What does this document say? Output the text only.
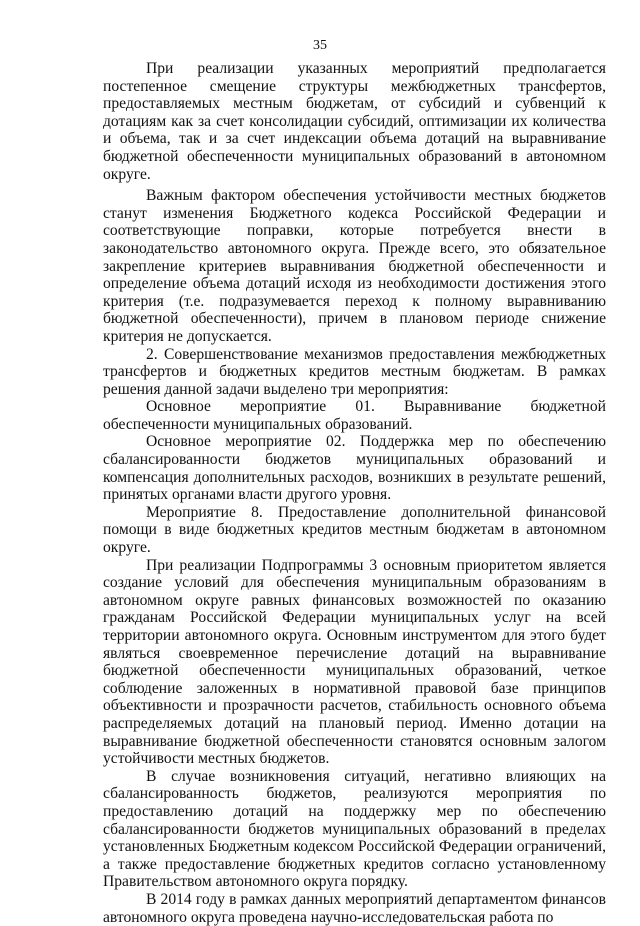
35

При реализации указанных мероприятий предполагается постепенное смещение структуры межбюджетных трансфертов, предоставляемых местным бюджетам, от субсидий и субвенций к дотациям как за счет консолидации субсидий, оптимизации их количества и объема, так и за счет индексации объема дотаций на выравнивание бюджетной обеспеченности муниципальных образований в автономном округе.

Важным фактором обеспечения устойчивости местных бюджетов станут изменения Бюджетного кодекса Российской Федерации и соответствующие поправки, которые потребуется внести в законодательство автономного округа. Прежде всего, это обязательное закрепление критериев выравнивания бюджетной обеспеченности и определение объема дотаций исходя из необходимости достижения этого критерия (т.е. подразумевается переход к полному выравниванию бюджетной обеспеченности), причем в плановом периоде снижение критерия не допускается.

2. Совершенствование механизмов предоставления межбюджетных трансфертов и бюджетных кредитов местным бюджетам. В рамках решения данной задачи выделено три мероприятия:

Основное мероприятие 01. Выравнивание бюджетной обеспеченности муниципальных образований.

Основное мероприятие 02. Поддержка мер по обеспечению сбалансированности бюджетов муниципальных образований и компенсация дополнительных расходов, возникших в результате решений, принятых органами власти другого уровня.

Мероприятие 8. Предоставление дополнительной финансовой помощи в виде бюджетных кредитов местным бюджетам в автономном округе.

При реализации Подпрограммы 3 основным приоритетом является создание условий для обеспечения муниципальным образованиям в автономном округе равных финансовых возможностей по оказанию гражданам Российской Федерации муниципальных услуг на всей территории автономного округа. Основным инструментом для этого будет являться своевременное перечисление дотаций на выравнивание бюджетной обеспеченности муниципальных образований, четкое соблюдение заложенных в нормативной правовой базе принципов объективности и прозрачности расчетов, стабильность основного объема распределяемых дотаций на плановый период. Именно дотации на выравнивание бюджетной обеспеченности становятся основным залогом устойчивости местных бюджетов.

В случае возникновения ситуаций, негативно влияющих на сбалансированность бюджетов, реализуются мероприятия по предоставлению дотаций на поддержку мер по обеспечению сбалансированности бюджетов муниципальных образований в пределах установленных Бюджетным кодексом Российской Федерации ограничений, а также предоставление бюджетных кредитов согласно установленному Правительством автономного округа порядку.

В 2014 году в рамках данных мероприятий департаментом финансов автономного округа проведена научно-исследовательская работа по
